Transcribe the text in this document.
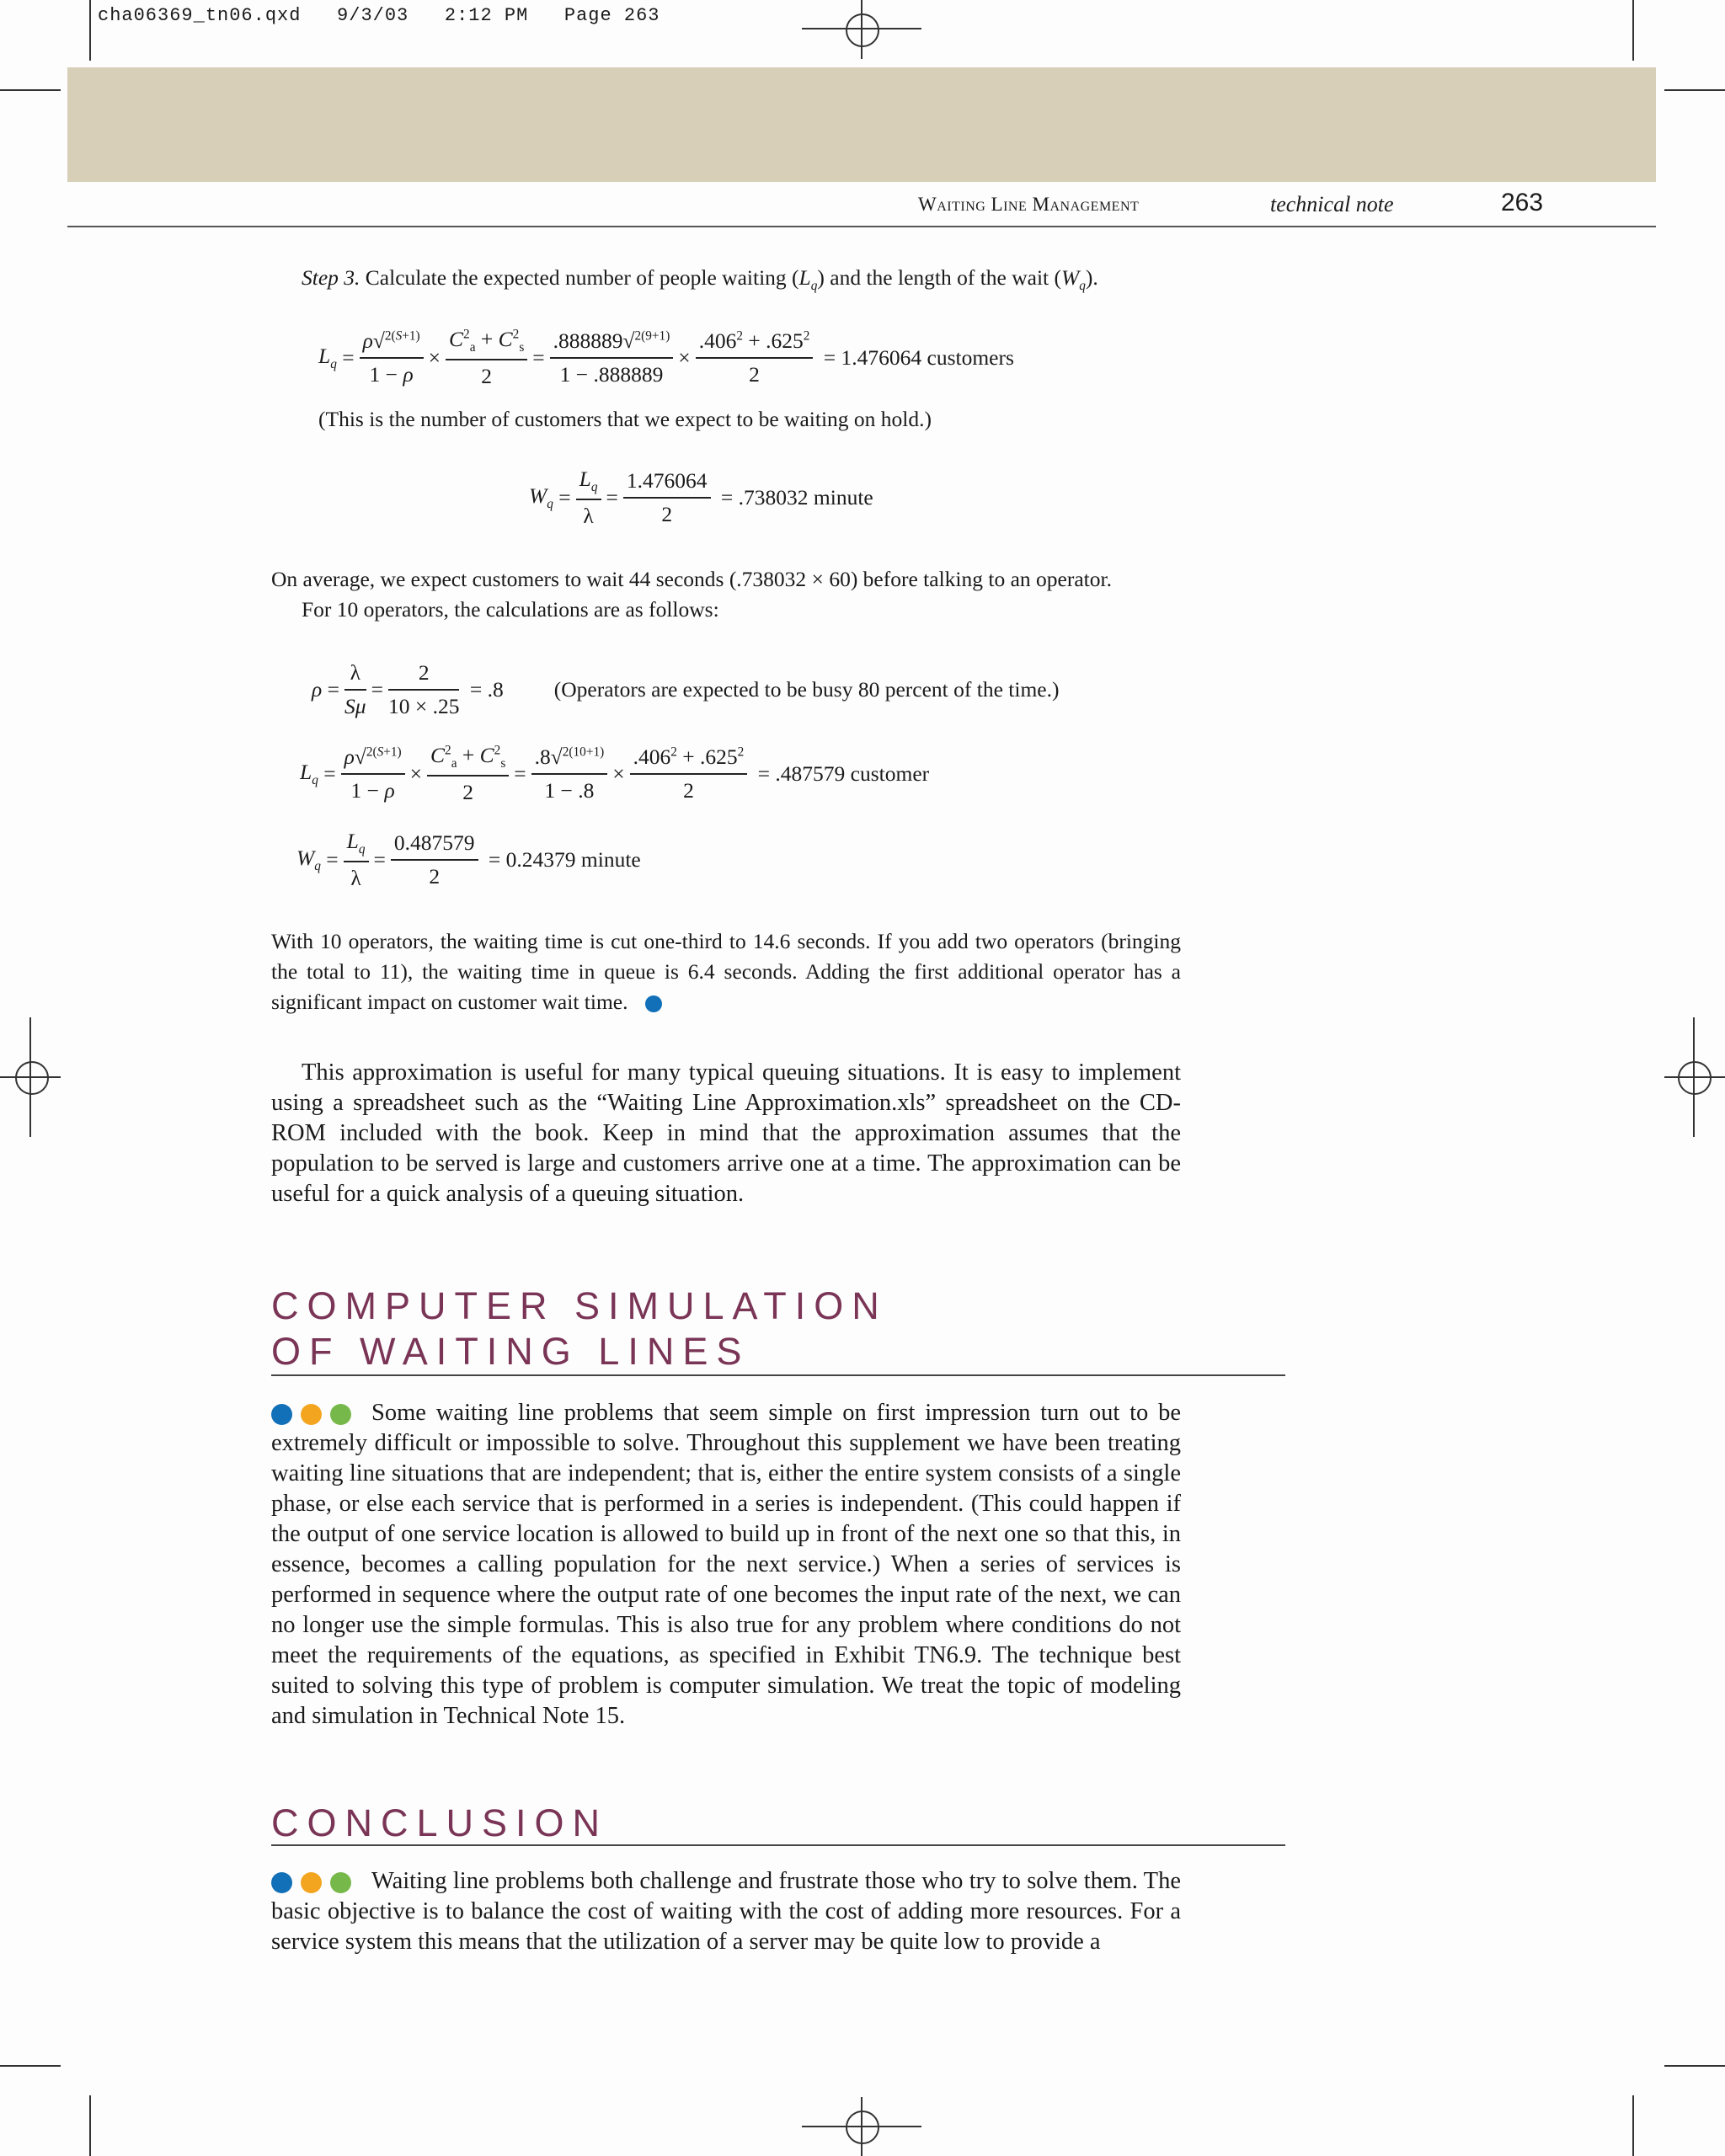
cha06369_tn06.qxd   9/3/03   2:12 PM   Page 263
Waiting Line Management	technical note	263
Step 3. Calculate the expected number of people waiting $(L_q)$ and the length of the wait $(W_q)$.
$L_q = \frac{\rho√^{2(S+1)}}{1 - \rho} \times \frac{C^2_a + C^2_s}{2} = \frac{.888889√^{2(9+1)}}{1 - .888889} \times \frac{.406^2 + .625^2}{2}$
= 1.476064 customers
(This is the number of customers that we expect to be waiting on hold.)
$W_q = \frac{L_q}{\lambda} = \frac{1.476064}{2}$
= .738032 minute
On average, we expect customers to wait 44 seconds (.738032 × 60) before talking to an operator.
For 10 operators, the calculations are as follows:
$\rho = \frac{\lambda}{S\mu} = \frac{2}{10 \times .25}$
= .8 (Operators are expected to be busy 80 percent of the time.)
$L_q = \frac{\rho√^{2(S+1)}}{1 - \rho} \times \frac{C^2_a + C^2_s}{2} = \frac{.8√^{2(10+1)}}{1 - .8} \times \frac{.406^2 + .625^2}{2}$
= .487579 customer
$W_q = \frac{L_q}{\lambda} = \frac{0.487579}{2}$
= 0.24379 minute
With 10 operators, the waiting time is cut one-third to 14.6 seconds. If you add two operators (bringing the total to 11), the waiting time in queue is 6.4 seconds. Adding the first additional operator has a significant impact on customer wait time.
This approximation is useful for many typical queuing situations. It is easy to implement using a spreadsheet such as the “Waiting Line Approximation.xls” spreadsheet on the CD-ROM included with the book. Keep in mind that the approximation assumes that the population to be served is large and customers arrive one at a time. The approximation can be useful for a quick analysis of a queuing situation.
COMPUTER SIMULATION
OF WAITING LINES
Some waiting line problems that seem simple on first impression turn out to be extremely difficult or impossible to solve. Throughout this supplement we have been treating waiting line situations that are independent; that is, either the entire system consists of a single phase, or else each service that is performed in a series is independent. (This could happen if the output of one service location is allowed to build up in front of the next one so that this, in essence, becomes a calling population for the next service.) When a series of services is performed in sequence where the output rate of one becomes the input rate of the next, we can no longer use the simple formulas. This is also true for any problem where conditions do not meet the requirements of the equations, as specified in Exhibit TN6.9. The technique best suited to solving this type of problem is computer simulation. We treat the topic of modeling and simulation in Technical Note 15.
CONCLUSION
Waiting line problems both challenge and frustrate those who try to solve them. The basic objective is to balance the cost of waiting with the cost of adding more resources. For a service system this means that the utilization of a server may be quite low to provide a
